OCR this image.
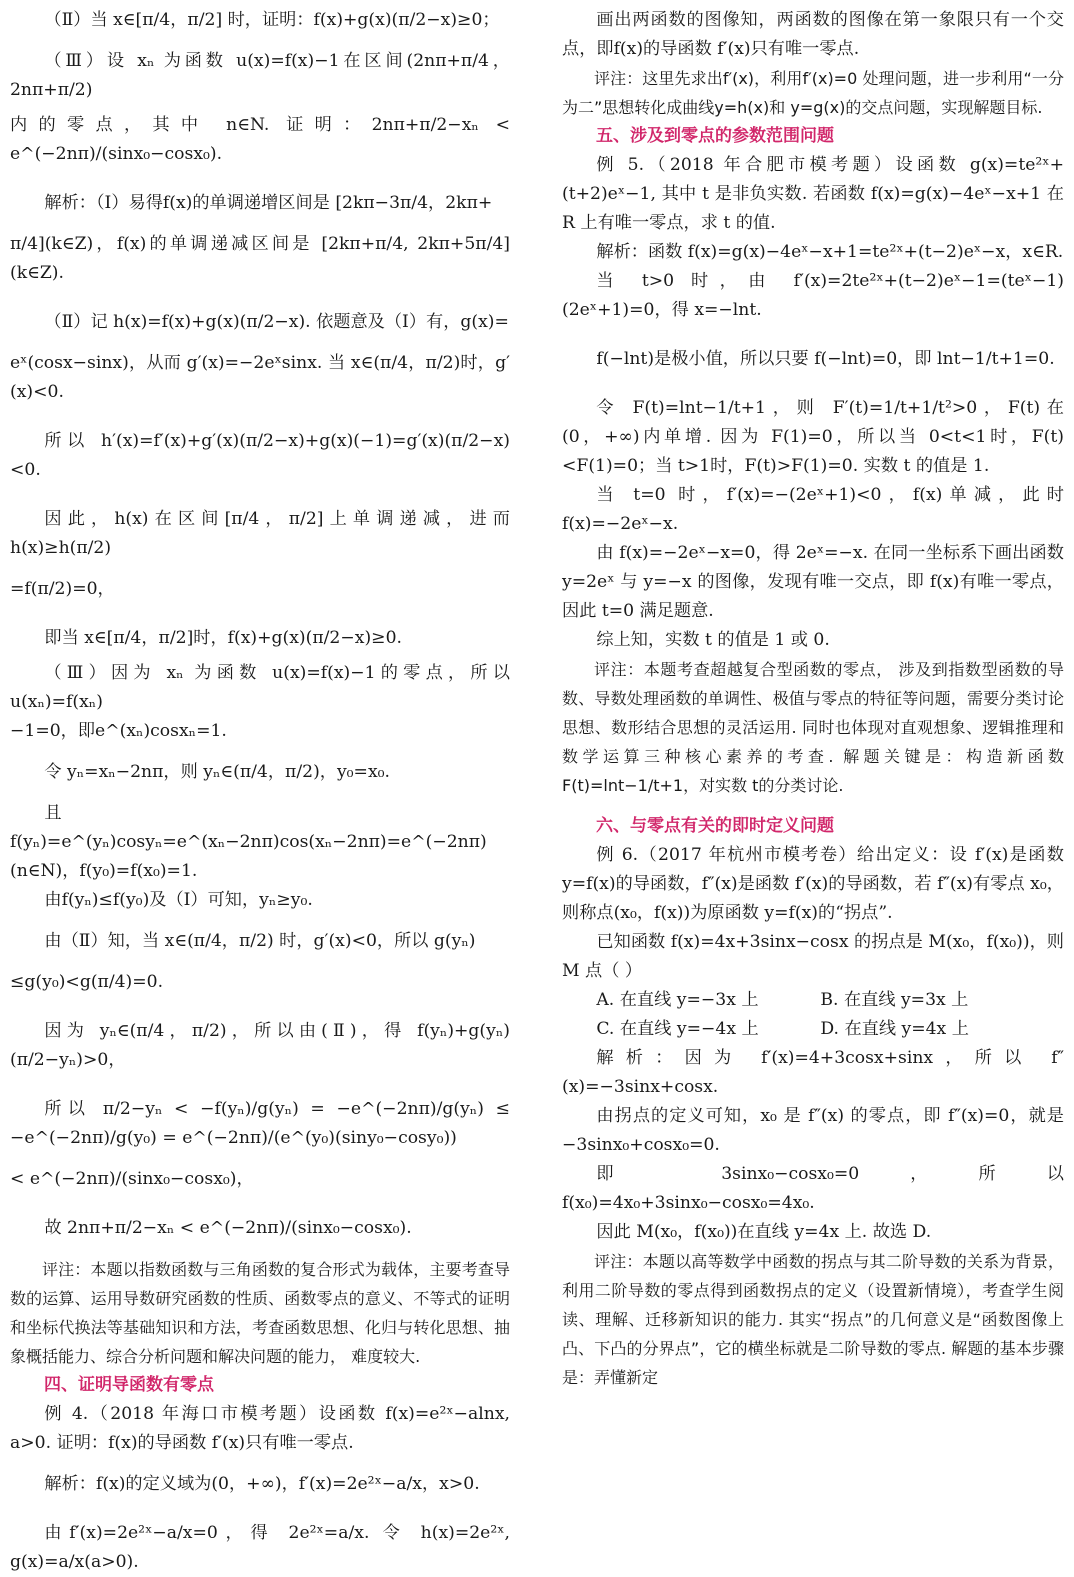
（Ⅱ）当 x∈[π/4，π/2] 时，证明：f(x)+g(x)(π/2−x)≥0；

（Ⅲ）设 xₙ 为函数 u(x)=f(x)−1在区间(2nπ+π/4，2nπ+π/2)

内的零点，其中 n∈N. 证明：2nπ+π/2−xₙ < e^(−2nπ)/(sinx₀−cosx₀).

解析：（Ⅰ）易得f(x)的单调递增区间是 [2kπ−3π/4，2kπ+

π/4](k∈Z)，f(x)的单调递减区间是 [2kπ+π/4, 2kπ+5π/4](k∈Z).

（Ⅱ）记 h(x)=f(x)+g(x)(π/2−x). 依题意及（Ⅰ）有，g(x)=

eˣ(cosx−sinx)，从而 g′(x)=−2eˣsinx. 当 x∈(π/4，π/2)时，g′(x)<0.

所以 h′(x)=f′(x)+g′(x)(π/2−x)+g(x)(−1)=g′(x)(π/2−x)<0.

因此，h(x)在区间[π/4，π/2]上单调递减，进而 h(x)≥h(π/2)

=f(π/2)=0，

即当 x∈[π/4，π/2]时，f(x)+g(x)(π/2−x)≥0.

（Ⅲ）因为 xₙ 为函数 u(x)=f(x)−1的零点，所以 u(xₙ)=f(xₙ)

−1=0，即e^(xₙ)cosxₙ=1.

令 yₙ=xₙ−2nπ，则 yₙ∈(π/4，π/2)，y₀=x₀.

且f(yₙ)=e^(yₙ)cosyₙ=e^(xₙ−2nπ)cos(xₙ−2nπ)=e^(−2nπ)(n∈N)，f(y₀)=f(x₀)=1.

由f(yₙ)≤f(y₀)及（Ⅰ）可知，yₙ≥y₀.

由（Ⅱ）知，当 x∈(π/4，π/2) 时，g′(x)<0，所以 g(yₙ)

≤g(y₀)<g(π/4)=0.

因为 yₙ∈(π/4，π/2)，所以由(Ⅱ)，得 f(yₙ)+g(yₙ)(π/2−yₙ)>0，

所以 π/2−yₙ < −f(yₙ)/g(yₙ) = −e^(−2nπ)/g(yₙ) ≤ −e^(−2nπ)/g(y₀) = e^(−2nπ)/(e^(y₀)(siny₀−cosy₀))

< e^(−2nπ)/(sinx₀−cosx₀)，

故 2nπ+π/2−xₙ < e^(−2nπ)/(sinx₀−cosx₀).

评注：本题以指数函数与三角函数的复合形式为载体，主要考查导数的运算、运用导数研究函数的性质、函数零点的意义、不等式的证明和坐标代换法等基础知识和方法，考查函数思想、化归与转化思想、抽象概括能力、综合分析问题和解决问题的能力， 难度较大.

四、证明导函数有零点

例 4.（2018 年海口市模考题）设函数 f(x)=e²ˣ−alnx, a>0. 证明：f(x)的导函数 f′(x)只有唯一零点.

解析：f(x)的定义域为(0，+∞)，f′(x)=2e²ˣ−a/x，x>0.

由f′(x)=2e²ˣ−a/x=0，得 2e²ˣ=a/x. 令 h(x)=2e²ˣ, g(x)=a/x(a>0).

画出两函数的图像知，两函数的图像在第一象限只有一个交点，即f(x)的导函数 f′(x)只有唯一零点.

评注：这里先求出f′(x)，利用f′(x)=0 处理问题，进一步利用“一分为二”思想转化成曲线y=h(x)和 y=g(x)的交点问题，实现解题目标.

五、涉及到零点的参数范围问题

例 5.（2018 年合肥市模考题）设函数 g(x)=te²ˣ+(t+2)eˣ−1, 其中 t 是非负实数. 若函数 f(x)=g(x)−4eˣ−x+1 在 R 上有唯一零点，求 t 的值.

解析：函数 f(x)=g(x)−4eˣ−x+1=te²ˣ+(t−2)eˣ−x，x∈R.

当 t>0 时，由 f′(x)=2te²ˣ+(t−2)eˣ−1=(teˣ−1)(2eˣ+1)=0，得 x=−lnt.

f(−lnt)是极小值，所以只要 f(−lnt)=0，即 lnt−1/t+1=0.

令 F(t)=lnt−1/t+1，则 F′(t)=1/t+1/t²>0，F(t)在(0，+∞)内单增. 因为 F(1)=0，所以当 0<t<1时，F(t)<F(1)=0；当 t>1时，F(t)>F(1)=0. 实数 t 的值是 1.

当 t=0 时，f′(x)=−(2eˣ+1)<0，f(x)单减，此时 f(x)=−2eˣ−x.

由 f(x)=−2eˣ−x=0，得 2eˣ=−x. 在同一坐标系下画出函数 y=2eˣ 与 y=−x 的图像，发现有唯一交点，即 f(x)有唯一零点，因此 t=0 满足题意.

综上知，实数 t 的值是 1 或 0.

评注：本题考查超越复合型函数的零点， 涉及到指数型函数的导数、导数处理函数的单调性、极值与零点的特征等问题，需要分类讨论思想、数形结合思想的灵活运用. 同时也体现对直观想象、逻辑推理和数学运算三种核心素养的考查. 解题关键是：构造新函数F(t)=lnt−1/t+1，对实数 t的分类讨论.

六、与零点有关的即时定义问题

例 6.（2017 年杭州市模考卷）给出定义：设 f′(x)是函数 y=f(x)的导函数，f″(x)是函数 f′(x)的导函数，若 f″(x)有零点 x₀，则称点(x₀，f(x))为原函数 y=f(x)的“拐点”.

已知函数 f(x)=4x+3sinx−cosx 的拐点是 M(x₀，f(x₀))，则 M 点（ ）

A. 在直线 y=−3x 上	B. 在直线 y=3x 上
C. 在直线 y=−4x 上	D. 在直线 y=4x 上

解析：因为 f′(x)=4+3cosx+sinx，所以 f″(x)=−3sinx+cosx.

由拐点的定义可知，x₀ 是 f″(x) 的零点，即 f″(x)=0，就是−3sinx₀+cosx₀=0.

即 3sinx₀−cosx₀=0，所以 f(x₀)=4x₀+3sinx₀−cosx₀=4x₀.

因此 M(x₀，f(x₀))在直线 y=4x 上. 故选 D.

评注：本题以高等数学中函数的拐点与其二阶导数的关系为背景，利用二阶导数的零点得到函数拐点的定义（设置新情境），考查学生阅读、理解、迁移新知识的能力. 其实“拐点”的几何意义是“函数图像上凸、下凸的分界点”，它的横坐标就是二阶导数的零点. 解题的基本步骤是：弄懂新定
